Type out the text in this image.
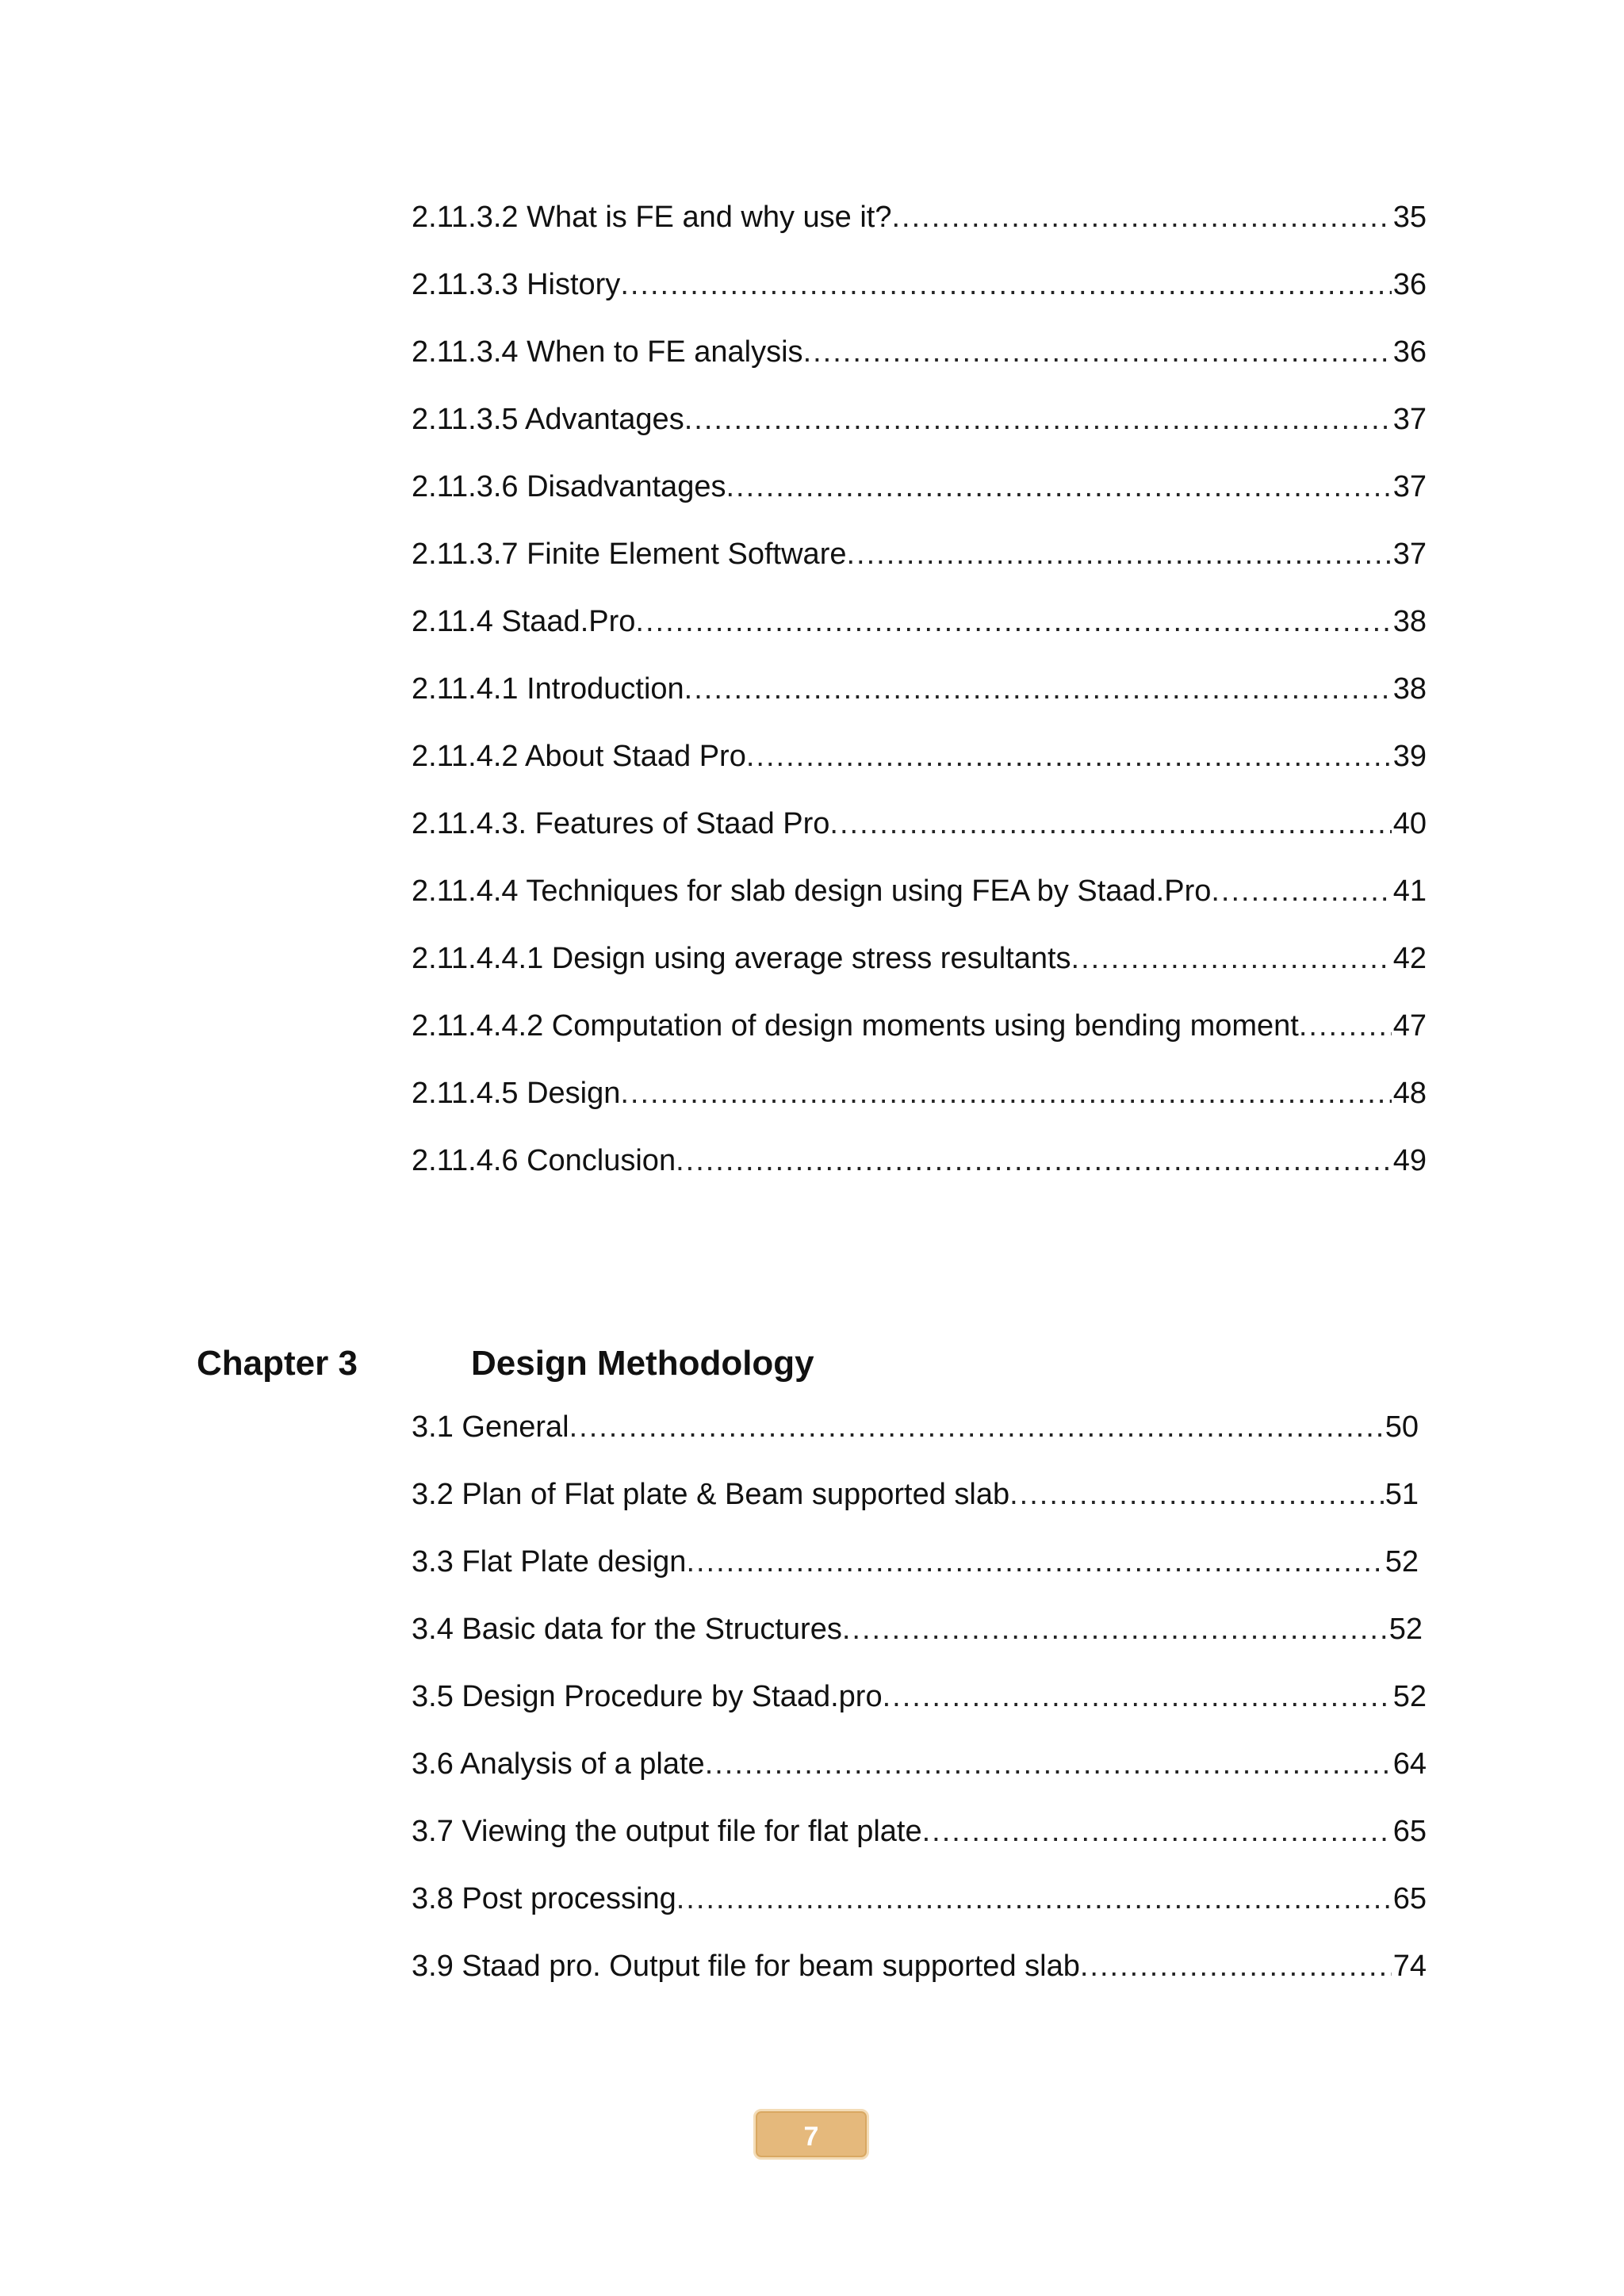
2.11.3.2 What is FE and why use it? .....	35
2.11.3.3 History .....	36
2.11.3.4 When to FE analysis .....	36
2.11.3.5 Advantages .....	37
2.11.3.6 Disadvantages .....	37
2.11.3.7 Finite Element Software .....	37
2.11.4 Staad.Pro .....	38
2.11.4.1 Introduction .....	38
2.11.4.2 About Staad Pro .....	39
2.11.4.3. Features of Staad Pro .....	40
2.11.4.4 Techniques for slab design using FEA by Staad.Pro .....	41
2.11.4.4.1 Design using average stress resultants .....	42
2.11.4.4.2 Computation of design moments using bending moment .....	47
2.11.4.5 Design .....	48
2.11.4.6 Conclusion .....	49
Chapter 3	Design Methodology
3.1 General .....	50
3.2 Plan of Flat plate & Beam supported slab .....	51
3.3 Flat Plate design .....	52
3.4 Basic data for the Structures .....	52
3.5 Design Procedure by Staad.pro .....	52
3.6 Analysis of a plate .....	64
3.7 Viewing the output file for flat plate .....	65
3.8 Post processing .....	65
3.9 Staad pro. Output file for beam supported slab .....	74
7
